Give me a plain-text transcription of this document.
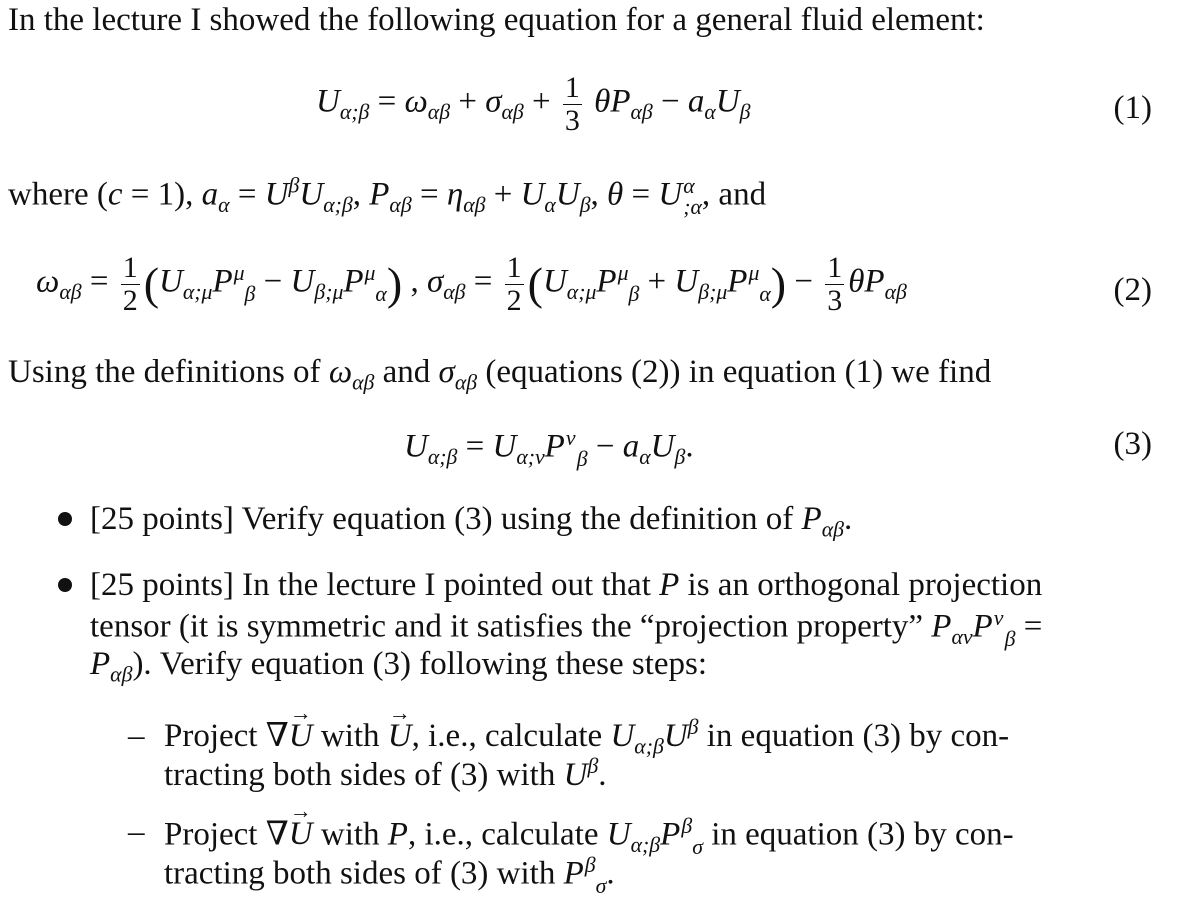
In the lecture I showed the following equation for a general fluid element:
$U_{\alpha;\beta} = \omega_{\alpha\beta} + \sigma_{\alpha\beta} + \frac{1}{3} \theta P_{\alpha\beta} - a_\alpha U_\beta$	(1)
where (c = 1), $a_\alpha = U^\beta U_{\alpha;\beta}$, $P_{\alpha\beta} = \eta_{\alpha\beta} + U_\alpha U_\beta$, θ = U α
;α , and
$\omega_{\alpha\beta} = \frac{1}{2} (U_{\alpha;\mu}P$ μ
$\beta - U_{\beta;\mu}P$ μ
α ) , $\sigma_{\alpha\beta} = \frac{1}{2} (U_{\alpha;\mu}P$ μ
$\beta + U_{\beta;\mu}P$ μ
α ) − $\frac{1}{3} \theta P_{\alpha\beta}$	(2)
Using the definitions of $\omega_{\alpha\beta}$ and $\sigma_{\alpha\beta}$ (equations (2)) in equation (1) we find
$U_{\alpha;\beta} = U_{\alpha;\nu}P$ ν
$\beta - a_\alpha U_\beta$.	(3)
[25 points] Verify equation (3) using the definition of $P_{\alpha\beta}$.
[25 points] In the lecture I pointed out that P is an orthogonal projection
tensor (it is symmetric and it satisfies the “projection property” $P_{\alpha\nu}P$ ν
β =
$P_{\alpha\beta}$). Verify equation (3) following these steps:
– Project ∇→ U with → U, i.e., calculate $U_{\alpha;\beta}U^\beta$ in equation (3) by con-
tracting both sides of (3) with $U^\beta$.
– Project ∇→ U with P, i.e., calculate $U_{\alpha;\beta}P$ β
σ in equation (3) by con-
tracting both sides of (3) with P β
σ .
